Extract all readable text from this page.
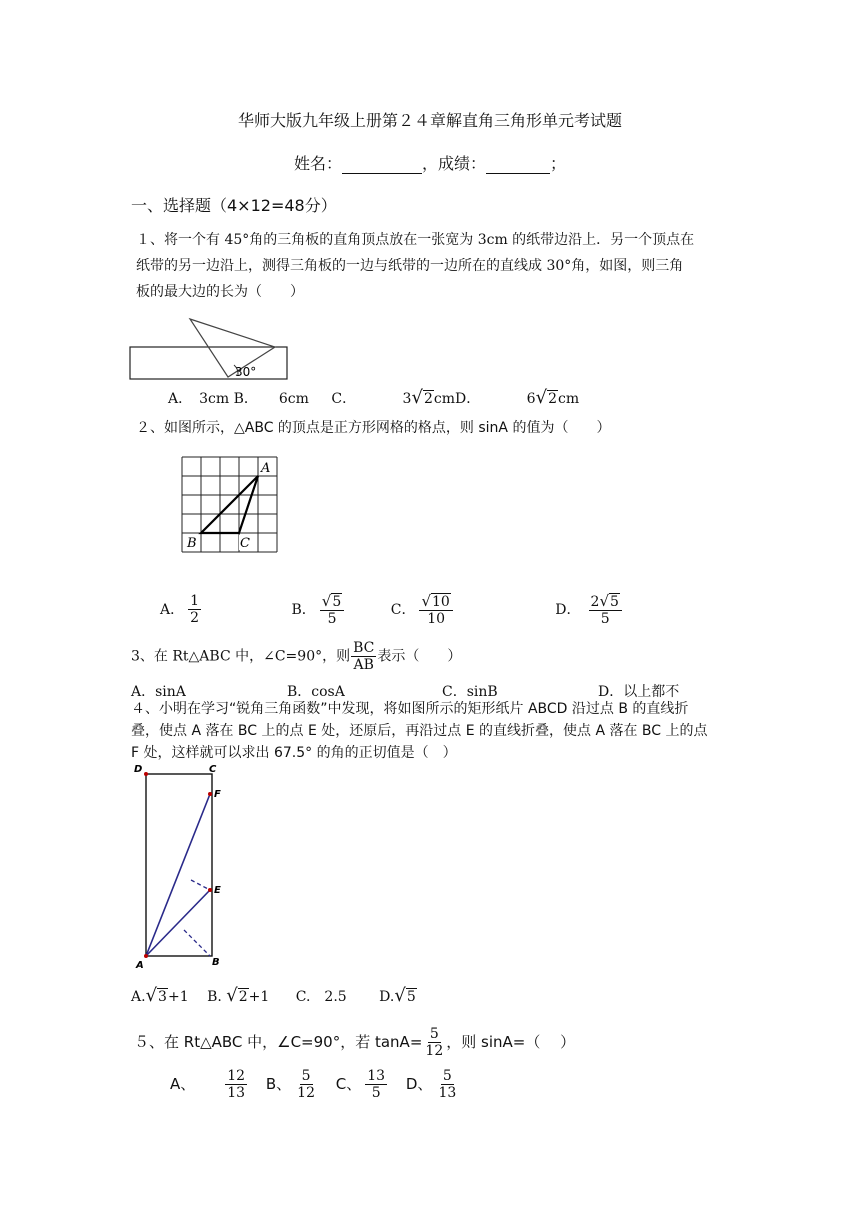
华师大版九年级上册第２４章解直角三角形单元考试题
姓名：	，成绩：	；
一、选择题（4×12=48分）
１、将一个有 45°角的三角板的直角顶点放在一张宽为 3cm 的纸带边沿上．另一个顶点在
纸带的另一边沿上，测得三角板的一边与纸带的一边所在的直线成 30°角，如图，则三角
板的最大边的长为（　　）
30°
A．　3cm B．　　6cm C．	3 √ 2 cmD．	6 √ 2 cm
２、如图所示，△ABC 的顶点是正方形网格的格点，则 sinA 的值为（　　）
A
B	C
A． $\frac{1}{2}$	B． $\frac{√ 5}{5}$	C． $\frac{√ 10}{10}$	D． $\frac{2 √ 5}{5}$
3、在 Rt△ABC 中，∠C=90°，则 $\frac{BC}{AB}$ 表示（　　）
A．sinA	B．cosA	C．sinB	D．以上都不
４、小明在学习“锐角三角函数”中发现，将如图所示的矩形纸片 ABCD 沿过点 B 的直线折
叠，使点 A 落在 BC 上的点 E 处，还原后，再沿过点 E 的直线折叠，使点 A 落在 BC 上的点
F 处，这样就可以求出 67.5° 的角的正切值是（　）
D	C
F
E
A	B
A. √ 3 +1 B. √ 2 +1 C.　2.5 D. √ 5
５、在 Rt△ABC 中，∠C=90°，若 $\tan A= \frac{5}{12}$ ，则 sinA=（　 ）
A、 $\frac{12}{13}$ B、 $\frac{5}{12}$ C、 $\frac{13}{5}$ D、 $\frac{5}{13}$
